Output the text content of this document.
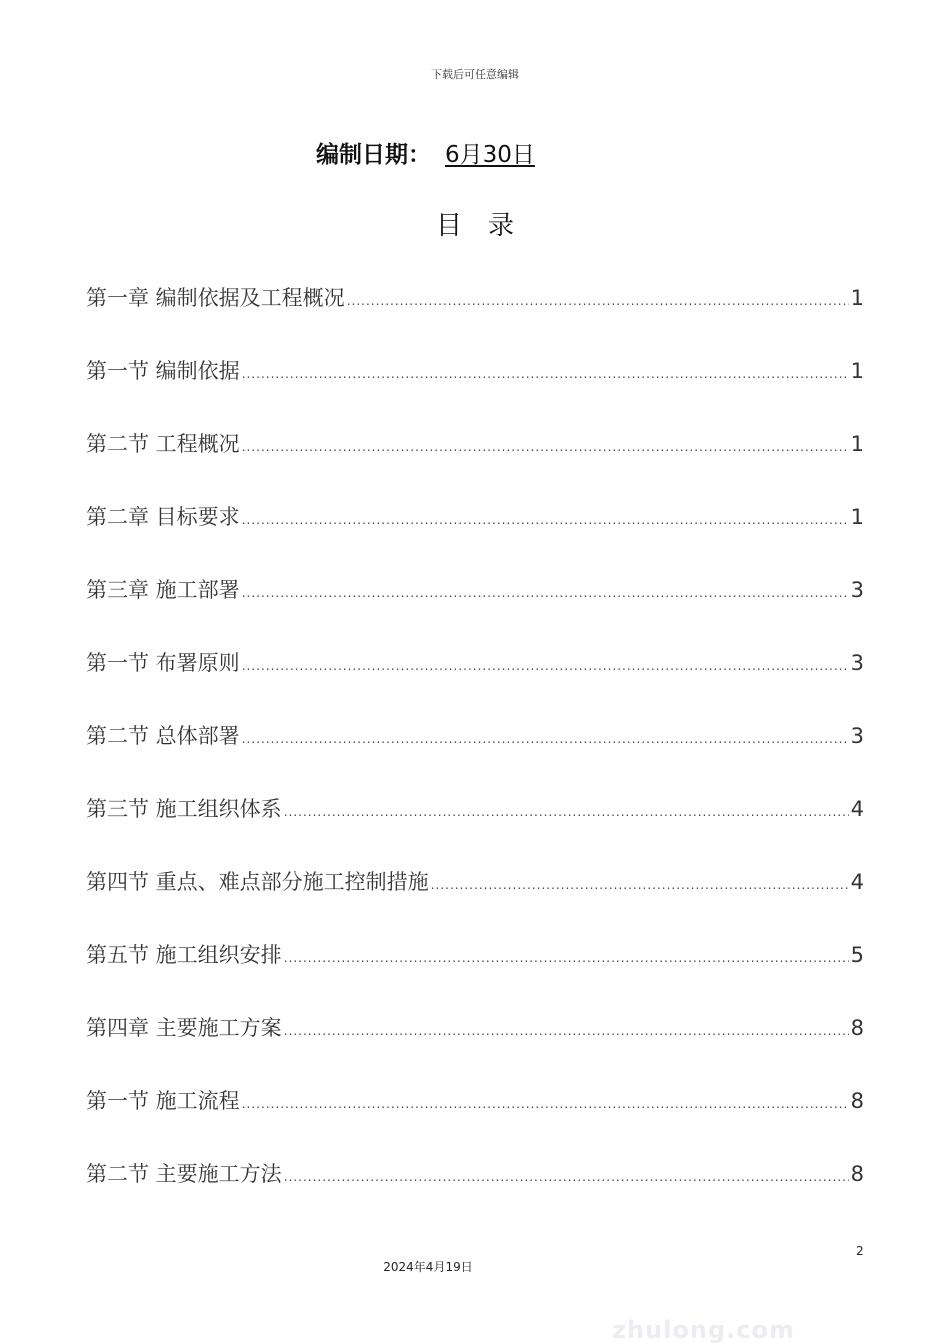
下载后可任意编辑
编制日期： 6月30日
目录
第一章 编制依据及工程概况 .....	1
第一节 编制依据 .....	1
第二节 工程概况 .....	1
第二章 目标要求 .....	1
第三章 施工部署 .....	3
第一节 布署原则 .....	3
第二节 总体部署 .....	3
第三节 施工组织体系 .....	4
第四节 重点、难点部分施工控制措施 .....	4
第五节 施工组织安排 .....	5
第四章 主要施工方案 .....	8
第一节 施工流程 .....	8
第二节 主要施工方法 .....	8
2
2024年4月19日
zhulong.com
